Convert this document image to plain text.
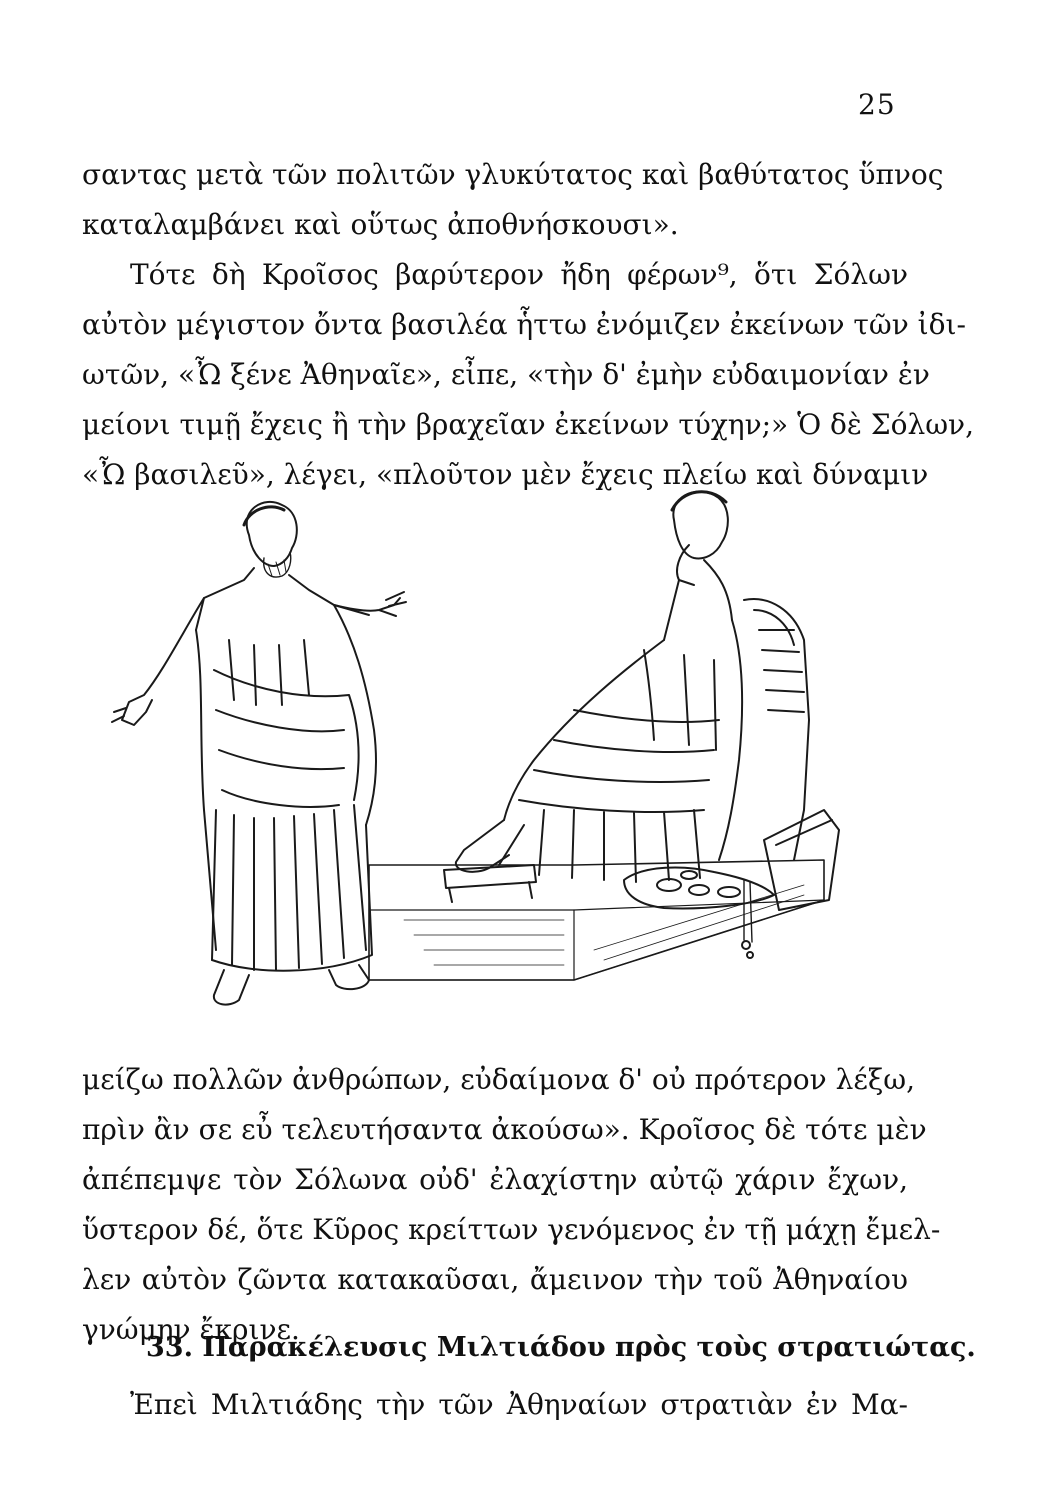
25
σαντας μετὰ τῶν πολιτῶν γλυκύτατος καὶ βαθύτατος ὕπνος
καταλαμβάνει καὶ οὕτως ἀποθνήσκουσι».
Τότε δὴ Κροῖσος βαρύτερον ἤδη φέρων⁹, ὅτι Σόλων
αὐτὸν μέγιστον ὄντα βασιλέα ἧττω ἐνόμιζεν ἐκείνων τῶν ἰδι-
ωτῶν, «Ὦ ξένε Ἀθηναῖε», εἶπε, «τὴν δ' ἐμὴν εὐδαιμονίαν ἐν
μείονι τιμῇ ἔχεις ἢ τὴν βραχεῖαν ἐκείνων τύχην;» Ὁ δὲ Σόλων,
«Ὦ βασιλεῦ», λέγει, «πλοῦτον μὲν ἔχεις πλείω καὶ δύναμιν
μείζω πολλῶν ἀνθρώπων, εὐδαίμονα δ' οὐ πρότερον λέξω,
πρὶν ἂν σε εὖ τελευτήσαντα ἀκούσω». Κροῖσος δὲ τότε μὲν
ἀπέπεμψε τὸν Σόλωνα οὐδ' ἐλαχίστην αὐτῷ χάριν ἔχων,
ὕστερον δέ, ὅτε Κῦρος κρείττων γενόμενος ἐν τῇ μάχῃ ἔμελ-
λεν αὐτὸν ζῶντα κατακαῦσαι, ἄμεινον τὴν τοῦ Ἀθηναίου
γνώμην ἔκρινε.
33. Παρακέλευσις Μιλτιάδου πρὸς τοὺς στρατιώτας.
Ἐπεὶ Μιλτιάδης τὴν τῶν Ἀθηναίων στρατιὰν ἐν Μα-
